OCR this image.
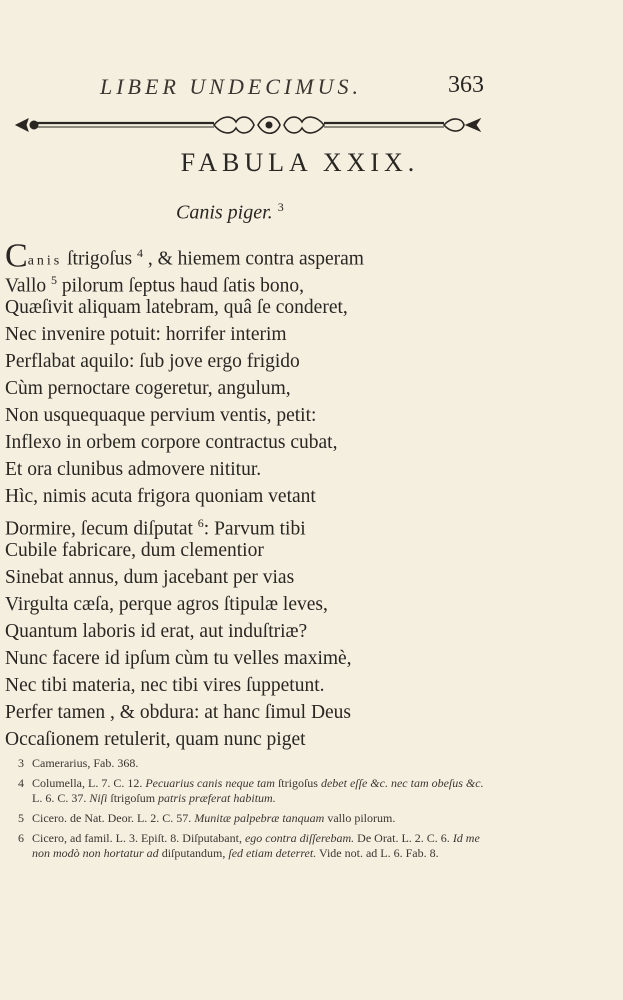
LIBER UNDECIMUS.	363
FABULA XXIX.
Canis piger. $^3$
Canis ſtrigoſus $^4$ , & hiemem contra asperam
Vallo $^5$ pilorum ſeptus haud ſatis bono,
Quæſivit aliquam latebram, quâ ſe conderet,
Nec invenire potuit: horrifer interim
Perflabat aquilo: ſub jove ergo frigido
Cùm pernoctare cogeretur, angulum,
Non usquequaque pervium ventis, petit:
Inflexo in orbem corpore contractus cubat,
Et ora clunibus admovere nititur.
Hìc, nimis acuta frigora quoniam vetant
Dormire, ſecum diſputat $^6$: Parvum tibi
Cubile fabricare, dum clementior
Sinebat annus, dum jacebant per vias
Virgulta cæſa, perque agros ſtipulæ leves,
Quantum laboris id erat, aut induſtriæ?
Nunc facere id ipſum cùm tu velles maximè,
Nec tibi materia, nec tibi vires ſuppetunt.
Perfer tamen , & obdura: at hanc ſimul Deus
Occaſionem retulerit, quam nunc piget
3 Camerarius, Fab. 368.
4 Columella, L. 7. C. 12. Pecuarius canis neque tam ſtrigoſus debet eſſe &c. nec tam obeſus &c. L. 6. C. 37. Niſi ſtrigoſum patris præferat habitum.
5 Cicero. de Nat. Deor. L. 2. C. 57. Munitæ palpebræ tanquam vallo pilorum.
6 Cicero, ad famil. L. 3. Epiſt. 8. Diſputabant, ego contra diſſerebam. De Orat. L. 2. C. 6. Id me non modò non hortatur ad diſputandum, ſed etiam deterret. Vide not. ad L. 6. Fab. 8.
